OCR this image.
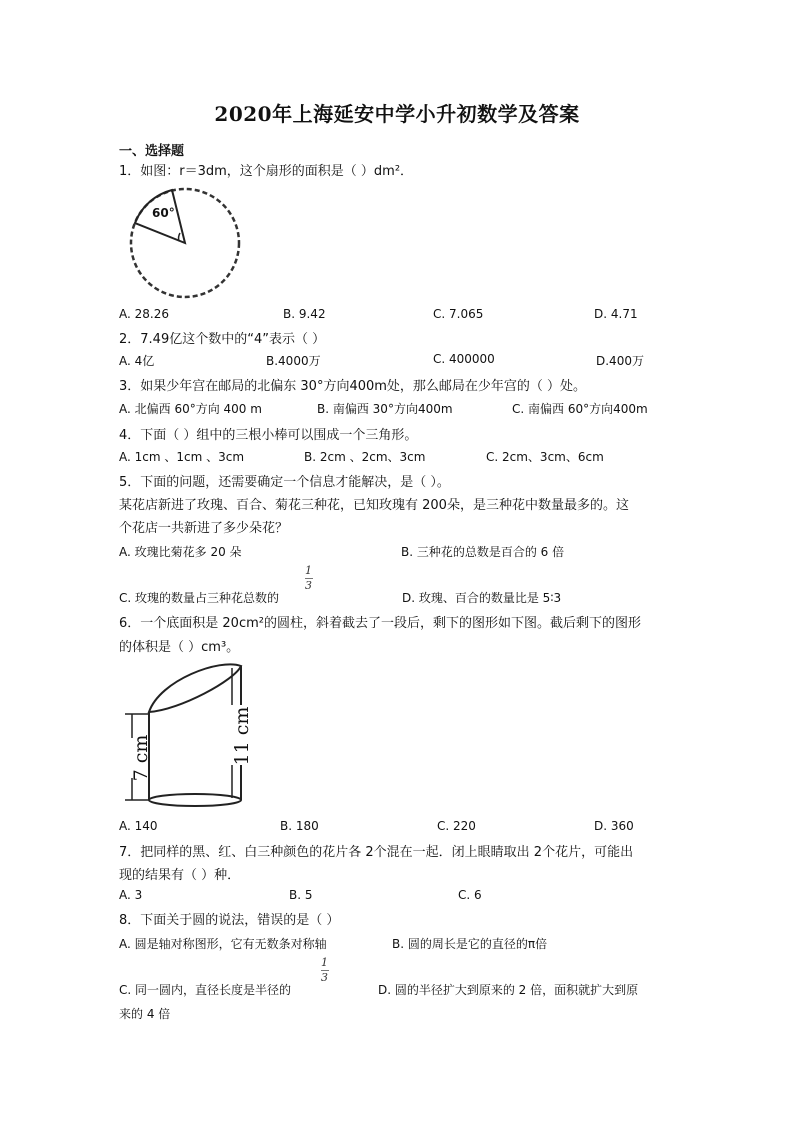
2020年上海延安中学小升初数学及答案
一、选择题
1．如图：r＝3dm，这个扇形的面积是（ ）dm²．
60°
A. 28.26	B. 9.42	C. 7.065	D. 4.71
2．7.49亿这个数中的“4”表示（ ）
A. 4亿	B.4000万	C. 400000	D.400万
3．如果少年宫在邮局的北偏东 30°方向400m处，那么邮局在少年宫的（ ）处。
A. 北偏西 60°方向 400 m	B. 南偏西 30°方向400m	C. 南偏西 60°方向400m
4．下面（ ）组中的三根小棒可以围成一个三角形。
A. 1cm 、1cm 、3cm	B. 2cm 、2cm、3cm	C. 2cm、3cm、6cm
5．下面的问题，还需要确定一个信息才能解决，是（ ）。
某花店新进了玫瑰、百合、菊花三种花，已知玫瑰有 200朵，是三种花中数量最多的。这
个花店一共新进了多少朵花？
A. 玫瑰比菊花多 20 朵	B. 三种花的总数是百合的 6 倍
C. 玫瑰的数量占三种花总数的
1
3
D. 玫瑰、百合的数量比是 5∶3
6．一个底面积是 20cm²的圆柱，斜着截去了一段后，剩下的图形如下图。截后剩下的图形
的体积是（ ）cm³。
7 cm	11 cm
A. 140	B. 180	C. 220	D. 360
7．把同样的黑、红、白三种颜色的花片各 2个混在一起．闭上眼睛取出 2个花片，可能出
现的结果有（ ）种．
A. 3	B. 5	C. 6
8．下面关于圆的说法，错误的是（ ）
A. 圆是轴对称图形，它有无数条对称轴	B. 圆的周长是它的直径的π倍
C. 同一圆内，直径长度是半径的
1
3
D. 圆的半径扩大到原来的 2 倍，面积就扩大到原
来的 4 倍
